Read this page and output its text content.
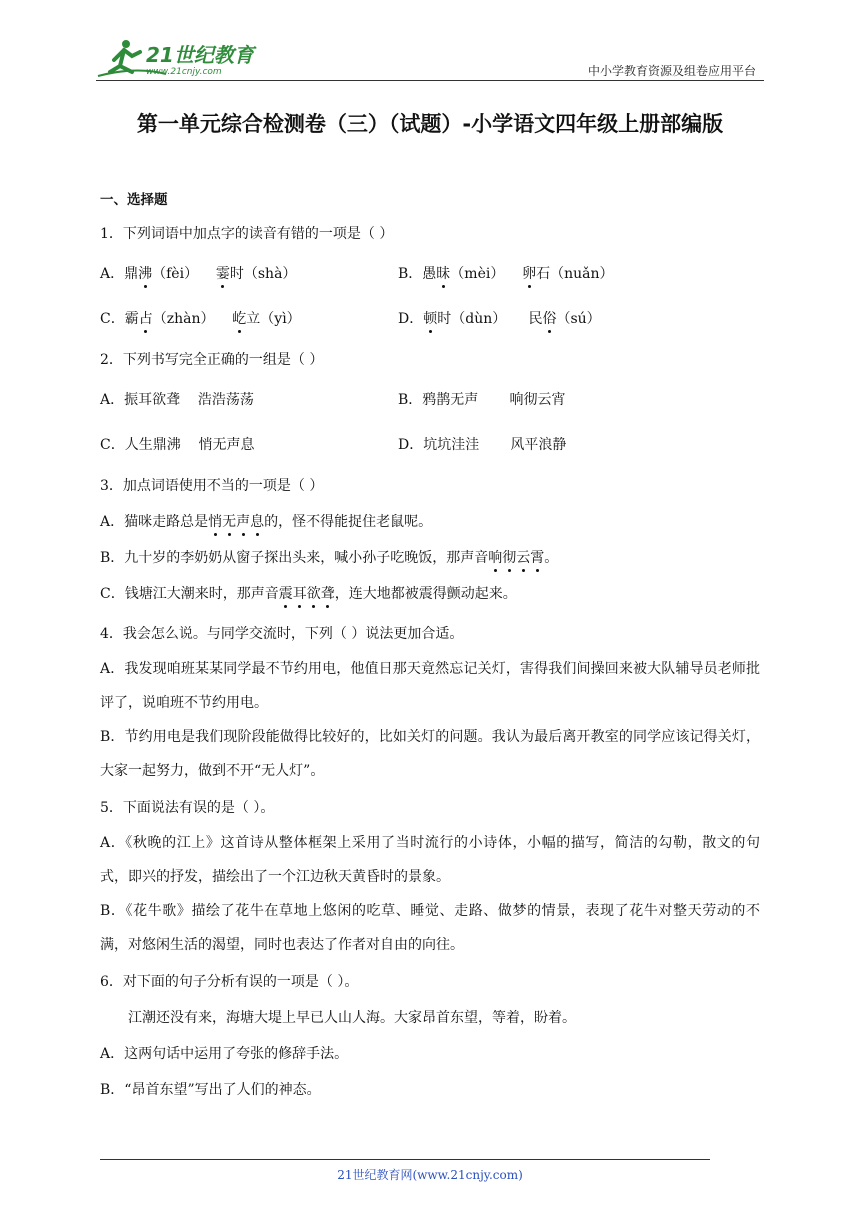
21世纪教育
www.21cnjy.com	中小学教育资源及组卷应用平台
第一单元综合检测卷（三）（试题）-小学语文四年级上册部编版
一、选择题
1．下列词语中加点字的读音有错的一项是（ ）
A．鼎沸（fèi）    霎时（shà）	B．愚昧（mèi）    卵石（nuǎn）
C．霸占（zhàn）    屹立（yì）	D．顿时（dùn）     民俗（sú）
2．下列书写完全正确的一组是（ ）
A．振耳欲聋    浩浩荡荡	B．鸦鹊无声       响彻云宵
C．人生鼎沸    悄无声息	D．坑坑洼洼       风平浪静
3．加点词语使用不当的一项是（ ）
A．猫咪走路总是悄无声息的，怪不得能捉住老鼠呢。
B．九十岁的李奶奶从窗子探出头来，喊小孙子吃晚饭，那声音响彻云霄。
C．钱塘江大潮来时，那声音震耳欲聋，连大地都被震得颤动起来。
4．我会怎么说。与同学交流时，下列（ ）说法更加合适。
A．我发现咱班某某同学最不节约用电，他值日那天竟然忘记关灯，害得我们间操回来被大队辅导员老师批评了，说咱班不节约用电。
B．节约用电是我们现阶段能做得比较好的，比如关灯的问题。我认为最后离开教室的同学应该记得关灯，大家一起努力，做到不开“无人灯”。
5．下面说法有误的是（ ）。
A．《秋晚的江上》这首诗从整体框架上采用了当时流行的小诗体，小幅的描写，简洁的勾勒，散文的句式，即兴的抒发，描绘出了一个江边秋天黄昏时的景象。
B．《花牛歌》描绘了花牛在草地上悠闲的吃草、睡觉、走路、做梦的情景，表现了花牛对整天劳动的不满，对悠闲生活的渴望，同时也表达了作者对自由的向往。
6．对下面的句子分析有误的一项是（ ）。
江潮还没有来，海塘大堤上早已人山人海。大家昂首东望，等着，盼着。
A．这两句话中运用了夸张的修辞手法。
B．“昂首东望”写出了人们的神态。
21世纪教育网(www.21cnjy.com)
